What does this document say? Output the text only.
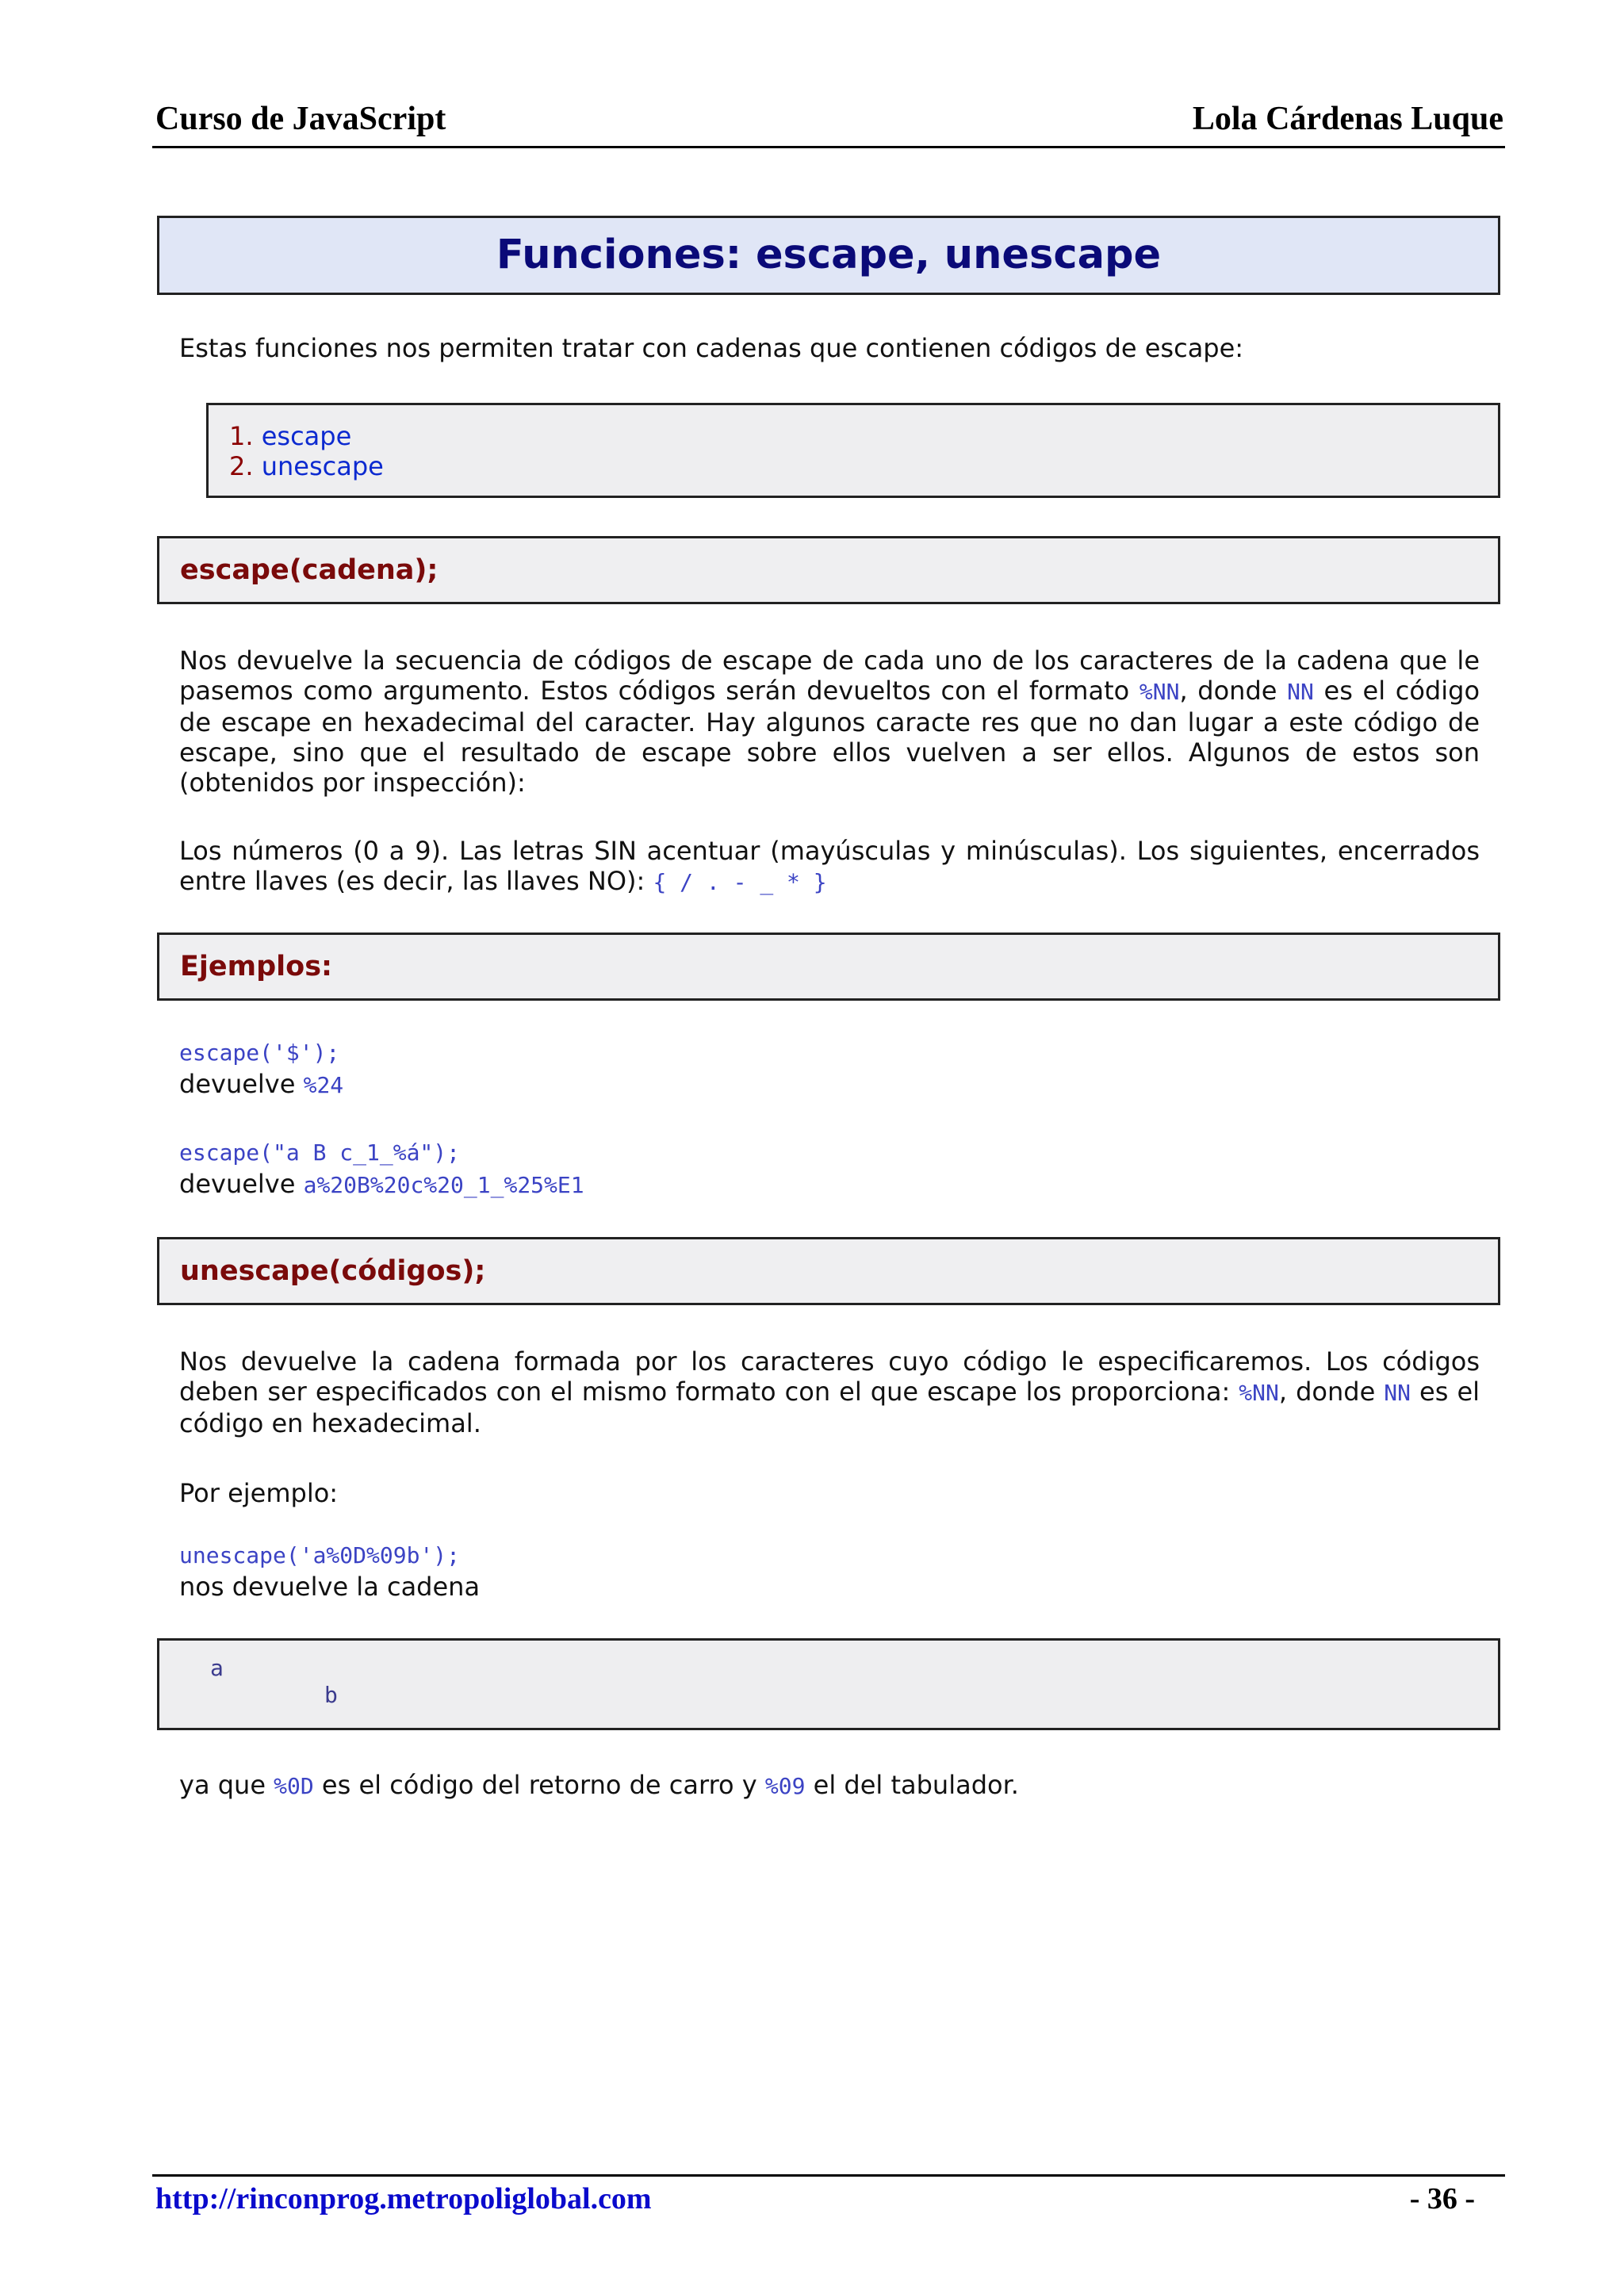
Curso de JavaScript	Lola Cárdenas Luque
Funciones: escape, unescape
Estas funciones nos permiten tratar con cadenas que contienen códigos de escape:
1. escape
2. unescape
escape(cadena);
Nos devuelve la secuencia de códigos de escape de cada uno de los caracteres de la cadena que le pasemos como argumento. Estos códigos serán devueltos con el formato %NN, donde NN es el código de escape en hexadecimal del caracter. Hay algunos caracte res que no dan lugar a este código de escape, sino que el resultado de escape sobre ellos vuelven a ser ellos. Algunos de estos son (obtenidos por inspección):
Los números (0 a 9). Las letras SIN acentuar (mayúsculas y minúsculas). Los siguientes, encerrados entre llaves (es decir, las llaves NO): { / . - _ * }
Ejemplos:
escape('$');
devuelve %24
escape("a B c_1_%á");
devuelve a%20B%20c%20_1_%25%E1
unescape(códigos);
Nos devuelve la cadena formada por los caracteres cuyo código le especificaremos. Los códigos deben ser especificados con el mismo formato con el que escape los proporciona: %NN, donde NN es el código en hexadecimal.
Por ejemplo:
unescape('a%0D%09b');
nos devuelve la cadena
a
b
ya que %0D es el código del retorno de carro y %09 el del tabulador.
http://rinconprog.metropoliglobal.com	- 36 -
